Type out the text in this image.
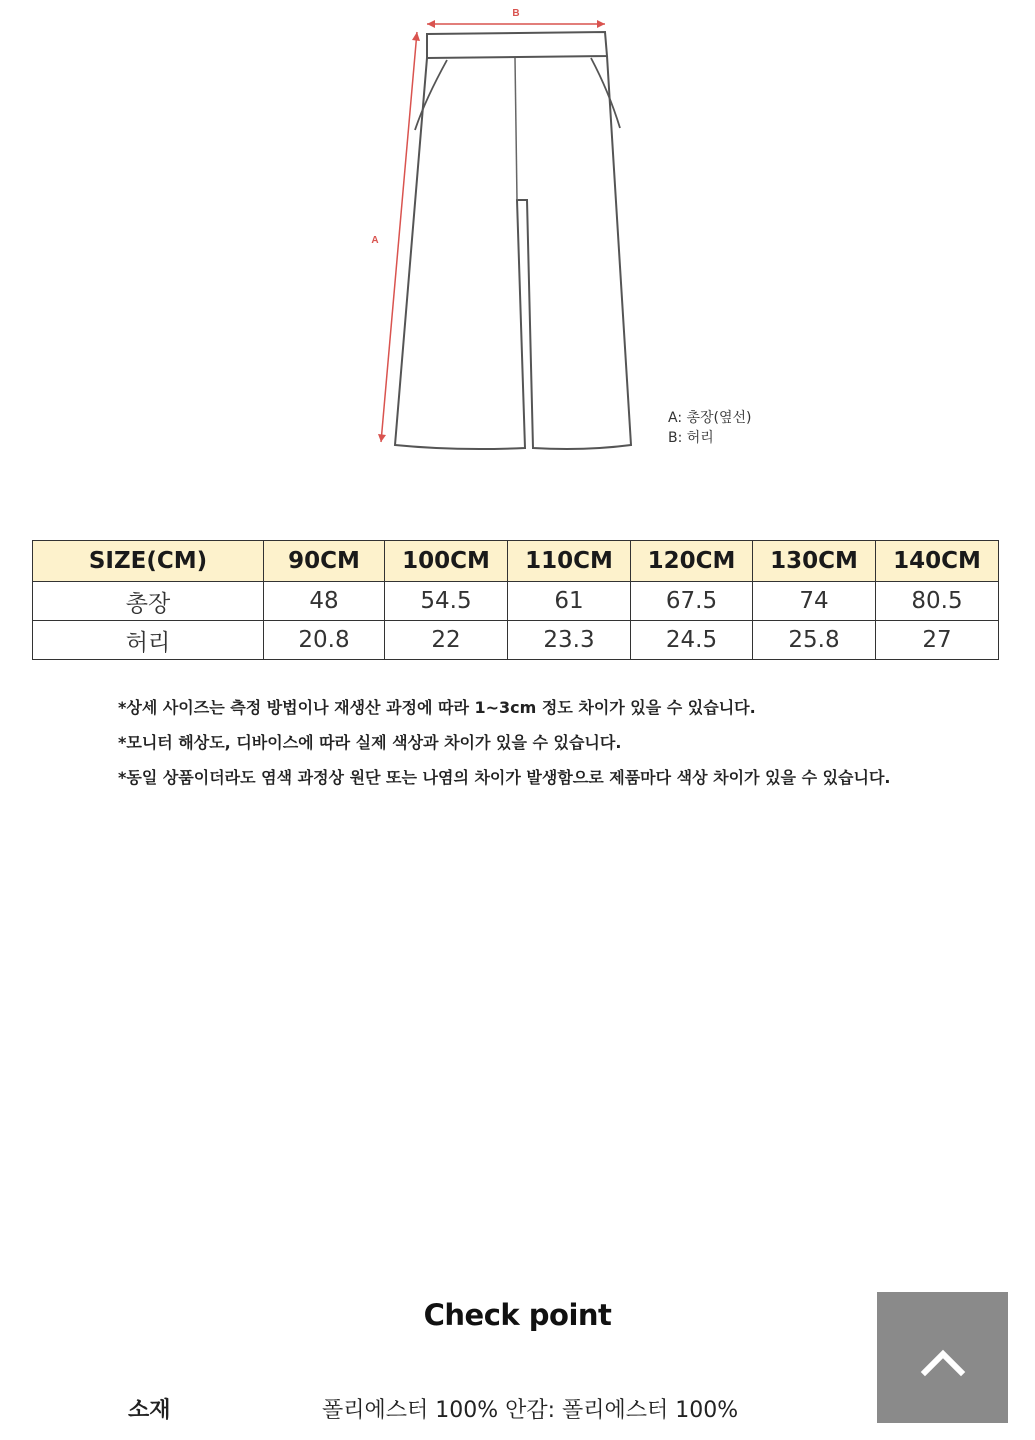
B
A
A: 총장(옆선)
B: 허리
SIZE(CM)	90CM	100CM	110CM	120CM	130CM	140CM
총장	48	54.5	61	67.5	74	80.5
허리	20.8	22	23.3	24.5	25.8	27

*상세 사이즈는 측정 방법이나 재생산 과정에 따라 1~3cm 정도 차이가 있을 수 있습니다.

*모니터 해상도, 디바이스에 따라 실제 색상과 차이가 있을 수 있습니다.

*동일 상품이더라도 염색 과정상 원단 또는 나염의 차이가 발생함으로 제품마다 색상 차이가 있을 수 있습니다.

Check point
소재	폴리에스터 100% 안감: 폴리에스터 100%
